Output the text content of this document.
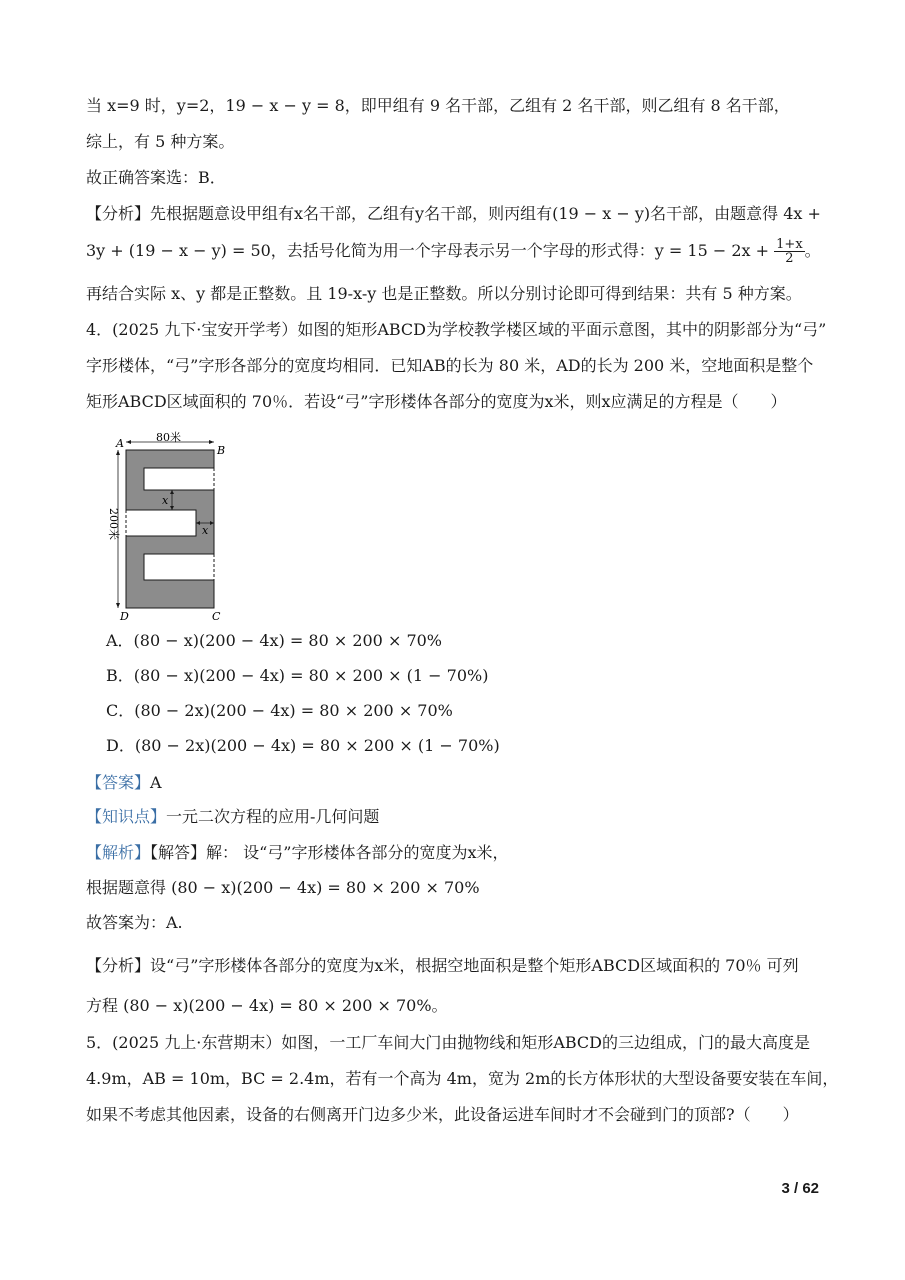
当 x=9 时，y=2，19 − x − y = 8，即甲组有 9 名干部，乙组有 2 名干部，则乙组有 8 名干部，
综上，有 5 种方案。
故正确答案选：B．
【分析】先根据题意设甲组有x名干部，乙组有y名干部，则丙组有(19 − x − y)名干部，由题意得 4x +
3y + (19 − x − y) = 50，去括号化简为用一个字母表示另一个字母的形式得：$y = 15 - 2x + \frac{1+x}{2}$ 。
再结合实际 x、y 都是正整数。且 19-x-y 也是正整数。所以分别讨论即可得到结果：共有 5 种方案。
4．(2025 九下·宝安开学考）如图的矩形ABCD为学校教学楼区域的平面示意图，其中的阴影部分为“弓”
字形楼体，“弓”字形各部分的宽度均相同．已知AB的长为 80 米，AD的长为 200 米，空地面积是整个
矩形ABCD区域面积的 70％．若设“弓”字形楼体各部分的宽度为x米，则x应满足的方程是（　　）
A
B
C
D
80米
200米
x
x
A．(80 − x)(200 − 4x) = 80 × 200 × 70%
B．(80 − x)(200 − 4x) = 80 × 200 × (1 − 70%)
C．(80 − 2x)(200 − 4x) = 80 × 200 × 70%
D．(80 − 2x)(200 − 4x) = 80 × 200 × (1 − 70%)
【答案】A
【知识点】一元二次方程的应用-几何问题
【解析】【解答】解： 设“弓”字形楼体各部分的宽度为x米，
根据题意得 (80 − x)(200 − 4x) = 80 × 200 × 70%
故答案为：A.
【分析】设“弓”字形楼体各部分的宽度为x米，根据空地面积是整个矩形ABCD区域面积的 70％ 可列
方程 (80 − x)(200 − 4x) = 80 × 200 × 70%。
5．(2025 九上·东营期末）如图，一工厂车间大门由抛物线和矩形ABCD的三边组成，门的最大高度是
4.9m，AB = 10m，BC = 2.4m，若有一个高为 4m，宽为 2m的长方体形状的大型设备要安装在车间，
如果不考虑其他因素，设备的右侧离开门边多少米，此设备运进车间时才不会碰到门的顶部?（　　）
3 / 62
